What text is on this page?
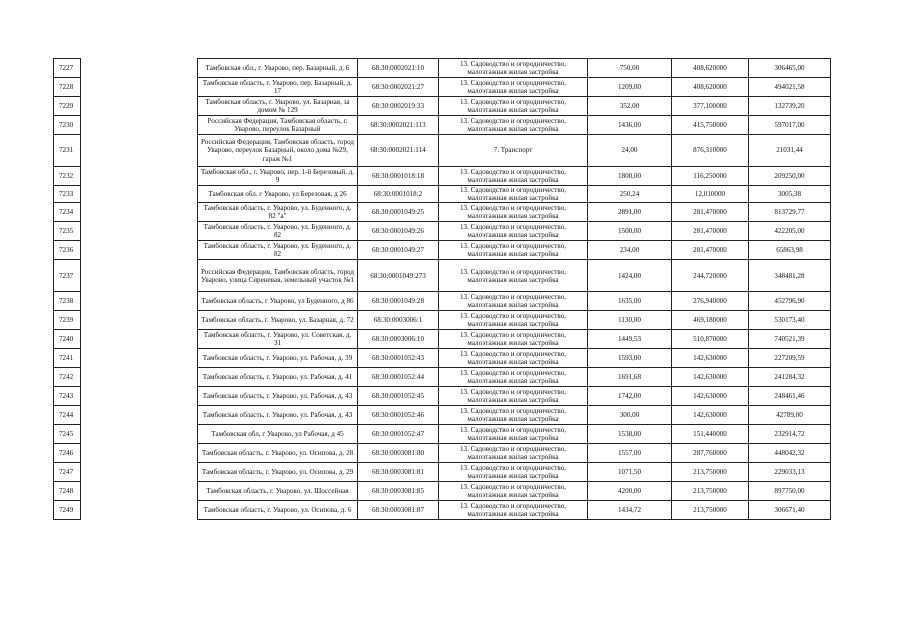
7227		Тамбовская обл., г. Уварово, пер. Базарный, д. 6	68:30:0002021:10	13. Садоводство и огородничество, малоэтажная жилая застройка	750,00	408,620000	306465,00
7228		Тамбовская область, г. Уварово, пер. Базарный, д. 17	68:30:0002021:27	13. Садоводство и огородничество, малоэтажная жилая застройка	1209,00	408,620000	494021,58
7229		Тамбовская область, г. Уварово, ул. Базарная, за домом № 129	68:30:0002019:33	13. Садоводство и огородничество, малоэтажная жилая застройка	352,00	377,100000	132739,20
7230		Российская Федерация, Тамбовская область, г. Уварово, переулок Базарный	68:30:0002021:113	13. Садоводство и огородничество, малоэтажная жилая застройка	1436,00	415,750000	597017,00
7231		Российская Федерация, Тамбовская область, город Уварово, переулок Базарный, около дома №29, гараж №1	68:30:0002021:114	7. Транспорт	24,00	876,310000	21031,44
7232		Тамбовская обл., г. Уварово, пер. 1-й Березовый, д. 9	68:30:0001018:18	13. Садоводство и огородничество, малоэтажная жилая застройка	1800,00	116,250000	209250,00
7233		Тамбовская обл. г Уварово, ул Березовая, д 26	68:30:0001018:2	13. Садоводство и огородничество, малоэтажная жилая застройка	250,24	12,010000	3005,38
7234		Тамбовская область, г. Уварово, ул. Буденного, д. 82 "а"	68:30:0001049:25	13. Садоводство и огородничество, малоэтажная жилая застройка	2891,00	281,470000	813729,77
7235		Тамбовская область, г. Уварово, ул. Буденного, д. 82	68:30:0001049:26	13. Садоводство и огородничество, малоэтажная жилая застройка	1500,00	281,470000	422205,00
7236		Тамбовская область, г. Уварово, ул. Буденного, д. 82	68:30:0001049:27	13. Садоводство и огородничество, малоэтажная жилая застройка	234,00	281,470000	65863,98
7237		Российская Федерация, Тамбовская область, город Уварово, улица Сиреневая, земельный участок №1	68:30:0001049:273	13. Садоводство и огородничество, малоэтажная жилая застройка	1424,00	244,720000	348481,28
7238		Тамбовская область, г Уварово, ул Буденного, д 86	68:30:0001049:28	13. Садоводство и огородничество, малоэтажная жилая застройка	1635,00	276,940000	452796,90
7239		Тамбовская область, г. Уварово, ул. Базарная, д. 72	68:30:0003006:1	13. Садоводство и огородничество, малоэтажная жилая застройка	1130,00	469,180000	530173,40
7240		Тамбовская область, г. Уварово, ул. Советская, д. 31	68:30:0003006:10	13. Садоводство и огородничество, малоэтажная жилая застройка	1449,53	510,870000	740521,39
7241		Тамбовская область, г. Уварово, ул. Рабочая, д. 39	68:30:0001052:43	13. Садоводство и огородничество, малоэтажная жилая застройка	1593,00	142,630000	227209,59
7242		Тамбовская область, г. Уварово, ул. Рабочая, д. 41	68:30:0001052:44	13. Садоводство и огородничество, малоэтажная жилая застройка	1691,68	142,630000	241284,32
7243		Тамбовская область, г. Уварово, ул. Рабочая, д. 43	68:30:0001052:45	13. Садоводство и огородничество, малоэтажная жилая застройка	1742,00	142,630000	248461,46
7244		Тамбовская область, г. Уварово, ул. Рабочая, д. 43	68:30:0001052:46	13. Садоводство и огородничество, малоэтажная жилая застройка	300,00	142,630000	42789,00
7245		Тамбовская обл, г Уварово, ул Рабочая, д 45	68:30:0001052:47	13. Садоводство и огородничество, малоэтажная жилая застройка	1538,00	151,440000	232914,72
7246		Тамбовская область, г. Уварово, ул. Осипова, д. 28	68:30:0003081:80	13. Садоводство и огородничество, малоэтажная жилая застройка	1557,00	287,760000	448042,32
7247		Тамбовская область, г. Уварово, ул. Осипова, д. 29	68:30:0003081:81	13. Садоводство и огородничество, малоэтажная жилая застройка	1071,50	213,750000	229033,13
7248		Тамбовская область, г. Уварово, ул. Шоссейная	68:30:0003081:85	13. Садоводство и огородничество, малоэтажная жилая застройка	4200,00	213,750000	897750,00
7249		Тамбовская область, г. Уварово, ул. Осипова, д. 6	68:30:0003081:87	13. Садоводство и огородничество, малоэтажная жилая застройка	1434,72	213,750000	306671,40
